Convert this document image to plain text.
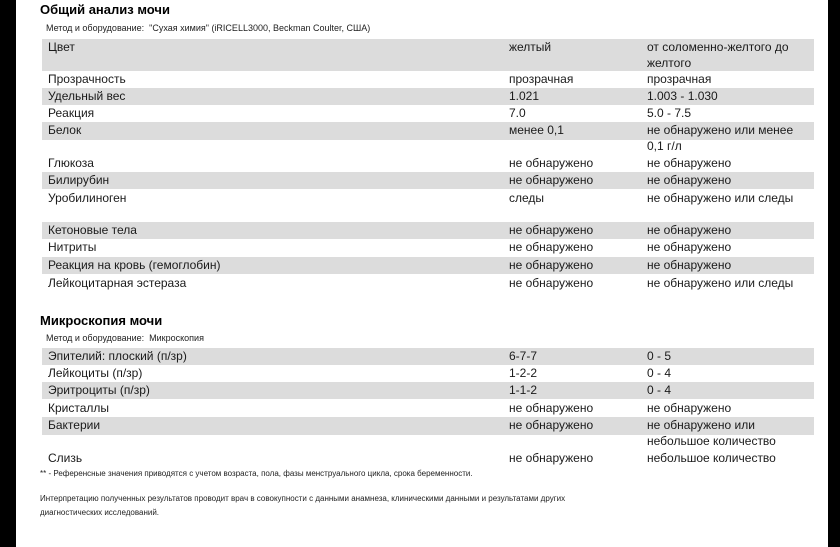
Общий анализ мочи
Метод и оборудование: "Сухая химия" (iRICELL3000, Beckman Coulter, США)
Цвет	желтый	от соломенно-желтого до желтого
Прозрачность	прозрачная	прозрачная
Удельный вес	1.021	1.003 - 1.030
Реакция	7.0	5.0 - 7.5
Белок	менее 0,1	не обнаружено или менее 0,1 г/л
Глюкоза	не обнаружено	не обнаружено
Билирубин	не обнаружено	не обнаружено
Уробилиноген	следы	не обнаружено или следы
Кетоновые тела	не обнаружено	не обнаружено
Нитриты	не обнаружено	не обнаружено
Реакция на кровь (гемоглобин)	не обнаружено	не обнаружено
Лейкоцитарная эстераза	не обнаружено	не обнаружено или следы
Микроскопия мочи
Метод и оборудование: Микроскопия
Эпителий: плоский (п/зр)	6-7-7	0 - 5
Лейкоциты (п/зр)	1-2-2	0 - 4
Эритроциты (п/зр)	1-1-2	0 - 4
Кристаллы	не обнаружено	не обнаружено
Бактерии	не обнаружено	не обнаружено или небольшое количество
Слизь	не обнаружено	небольшое количество
** - Референсные значения приводятся с учетом возраста, пола, фазы менструального цикла, срока беременности.
Интерпретацию полученных результатов проводит врач в совокупности с данными анамнеза, клиническими данными и результатами других диагностических исследований.
